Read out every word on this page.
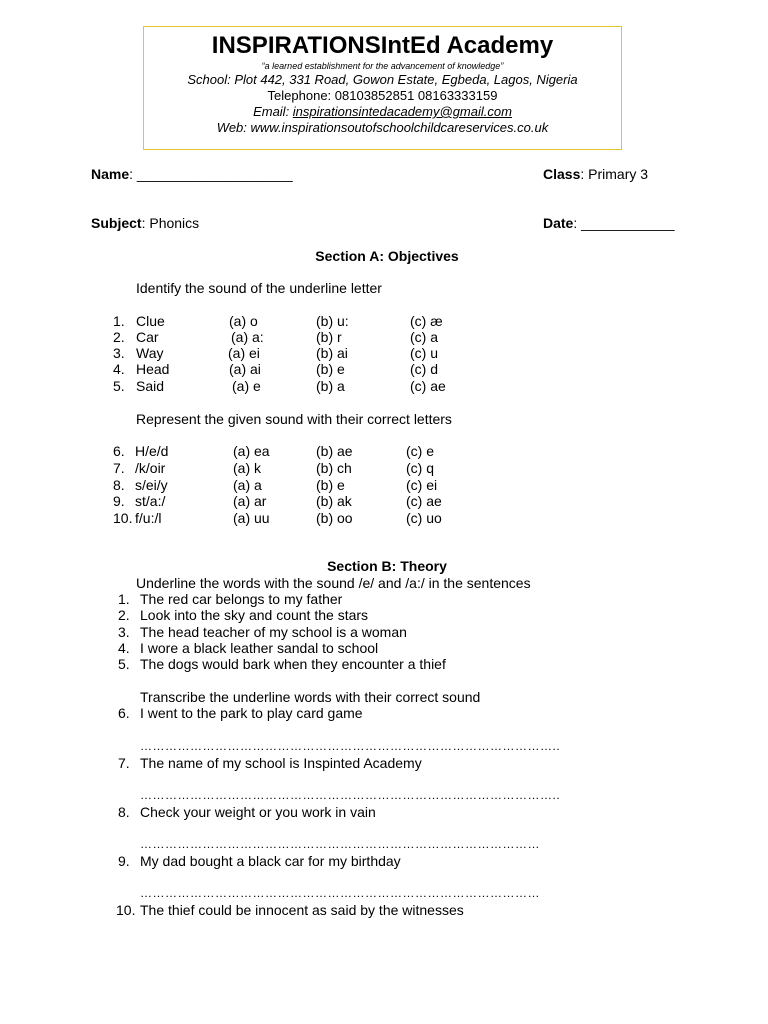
INSPIRATIONSIntEd Academy
“a learned establishment for the advancement of knowledge”
School: Plot 442, 331 Road, Gowon Estate, Egbeda, Lagos, Nigeria
Telephone: 08103852851 08163333159
Email: inspirationsintedacademy@gmail.com
Web: www.inspirationsoutofschoolchildcareservices.co.uk
Name: ____________________	Class: Primary 3
Subject: Phonics	Date: ____________
Section A: Objectives
Identify the sound of the underline letter
1. Clue	(a) o	(b) u:	(c) æ
2. Car	(a) a:	(b) r	(c) a
3. Way	(a) ei	(b) ai	(c) u
4. Head	(a) ai	(b) e	(c) d
5. Said	(a) e	(b) a	(c) ae
Represent the given sound with their correct letters
6. H/e/d	(a) ea	(b) ae	(c) e
7. /k/oir	(a) k	(b) ch	(c) q
8. s/ei/y	(a) a	(b) e	(c) ei
9. st/a:/	(a) ar	(b) ak	(c) ae
10. f/u:/l	(a) uu	(b) oo	(c) uo
Section B: Theory
Underline the words with the sound /e/ and /a:/ in the sentences
1. The red car belongs to my father
2. Look into the sky and count the stars
3. The head teacher of my school is a woman
4. I wore a black leather sandal to school
5. The dogs would bark when they encounter a thief
Transcribe the underline words with their correct sound
6. I went to the park to play card game
………………………………………………………………………………………..
7. The name of my school is Inspinted Academy
………………………………………………………………………………………..
8. Check your weight or you work in vain
……………………………………………………………………………………
9. My dad bought a black car for my birthday
……………………………………………………………………………………
10. The thief could be innocent as said by the witnesses
